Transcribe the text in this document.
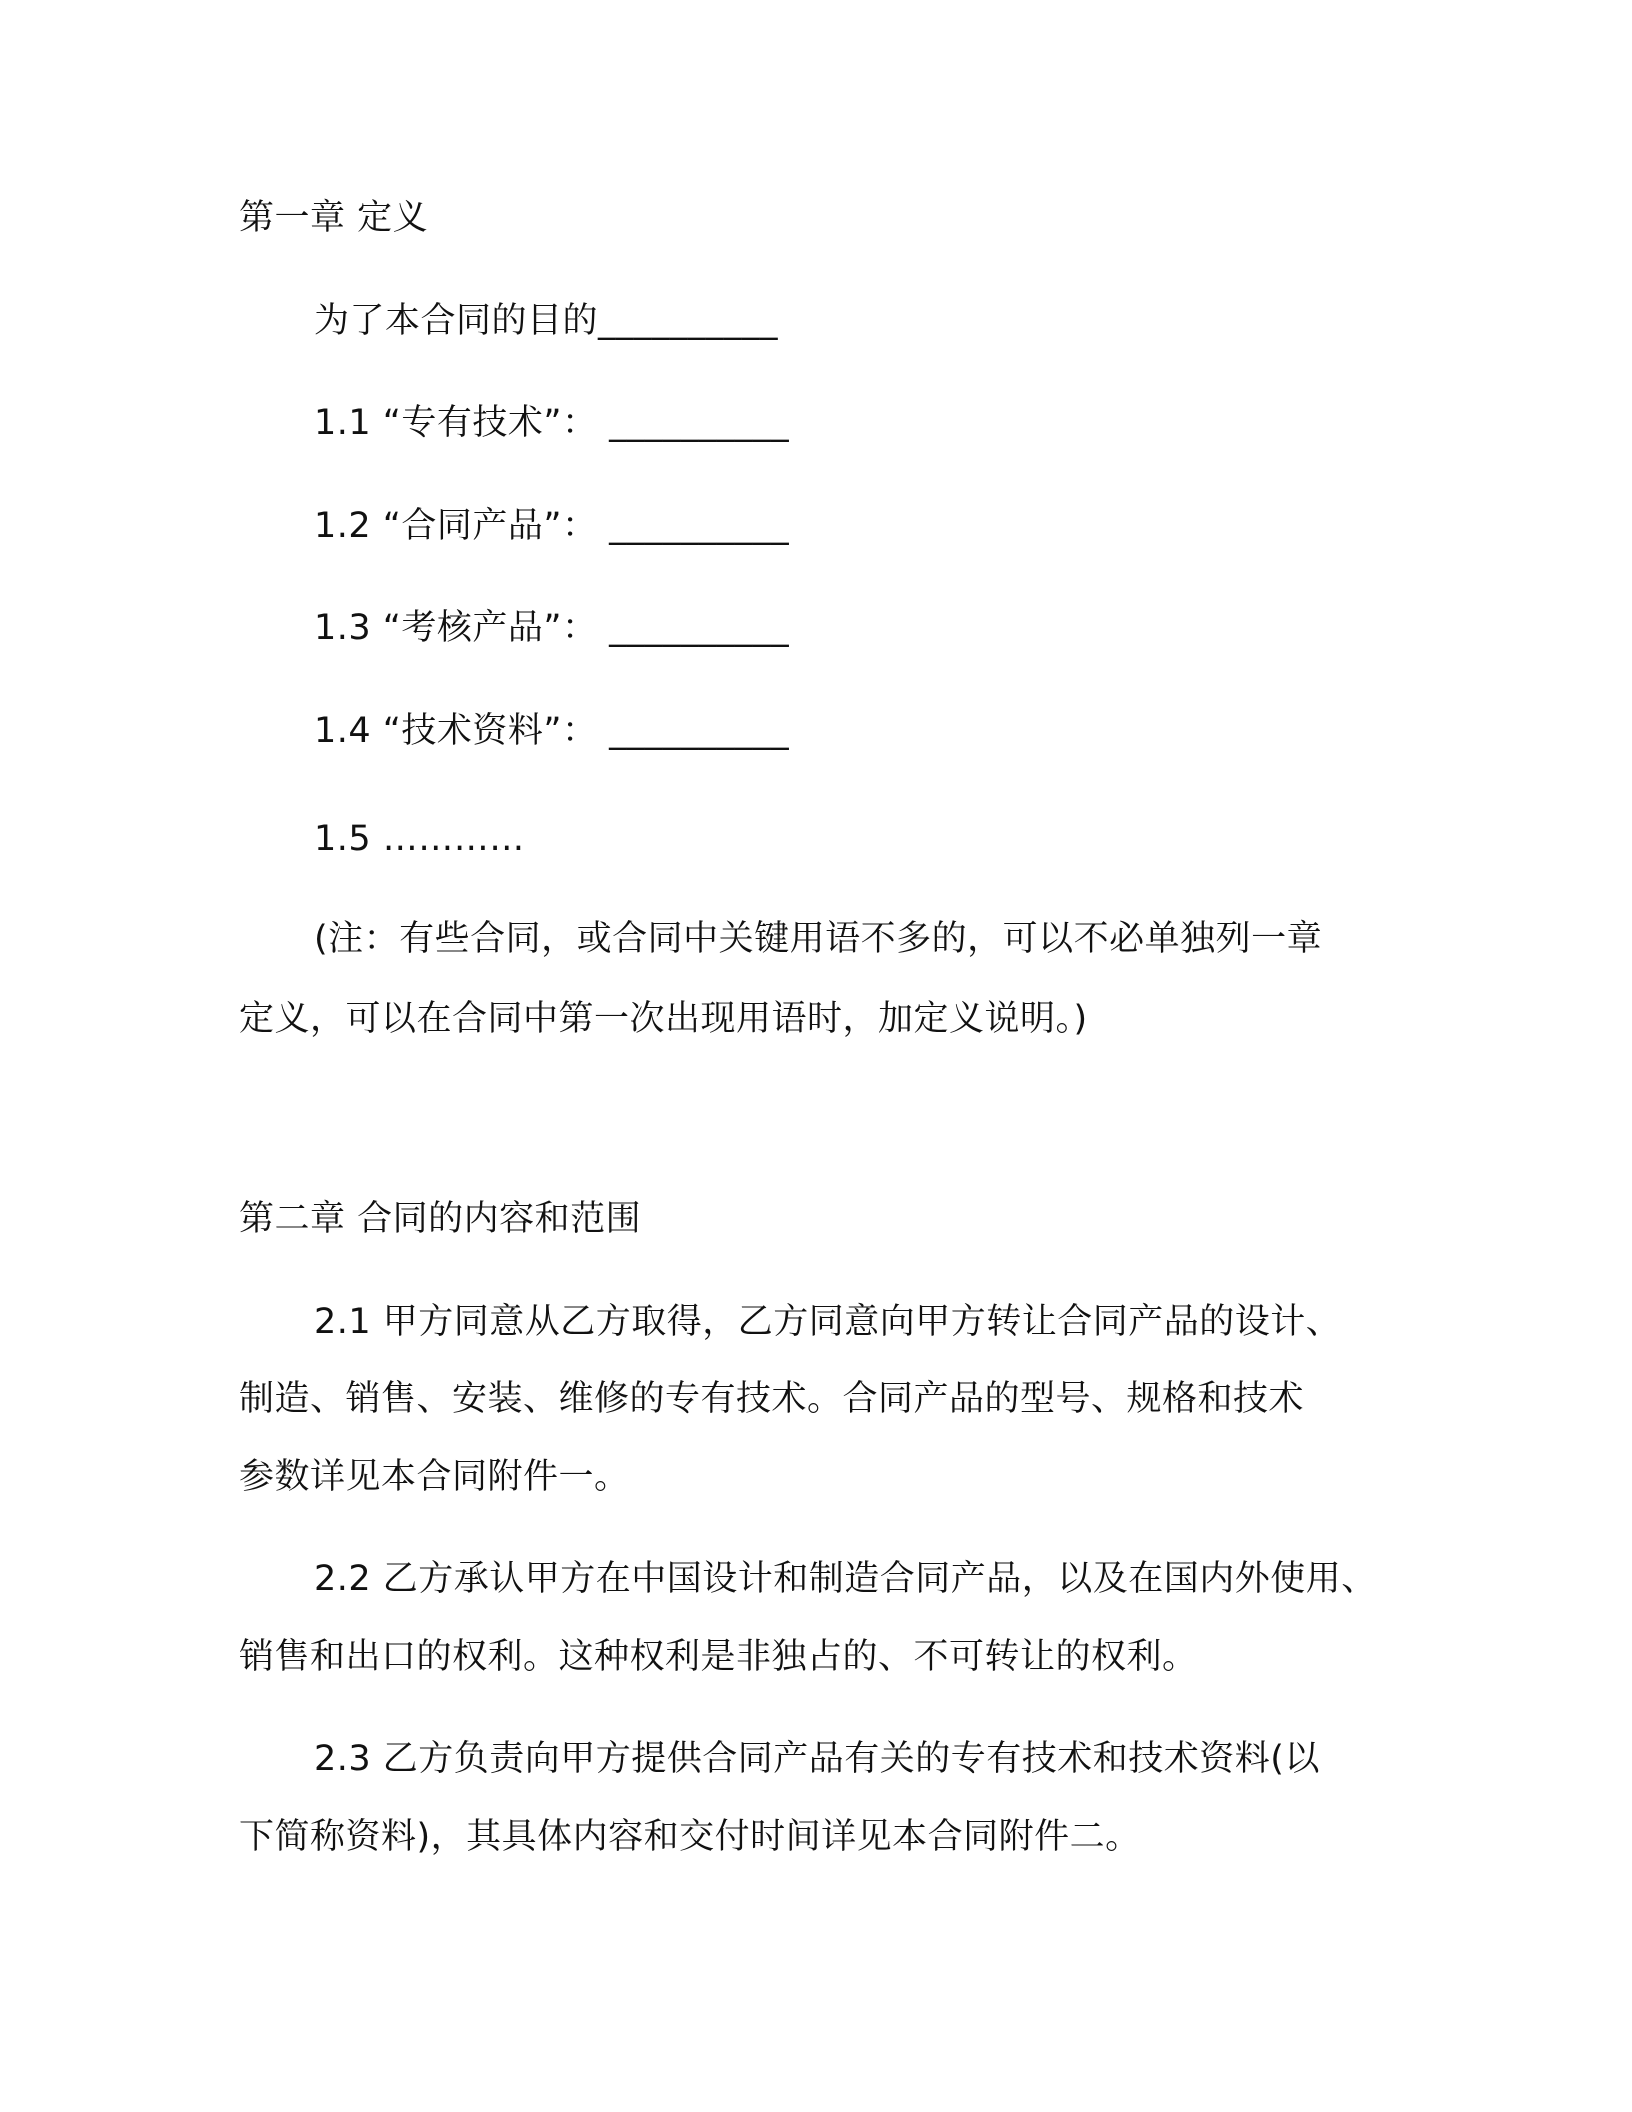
第一章 定义
为了本合同的目的__________
1.1 “专有技术”： __________
1.2 “合同产品”： __________
1.3 “考核产品”： __________
1.4 “技术资料”： __________
1.5 …………
(注：有些合同，或合同中关键用语不多的，可以不必单独列一章
定义，可以在合同中第一次出现用语时，加定义说明。)
第二章 合同的内容和范围
2.1 甲方同意从乙方取得，乙方同意向甲方转让合同产品的设计、
制造、销售、安装、维修的专有技术。合同产品的型号、规格和技术
参数详见本合同附件一。
2.2 乙方承认甲方在中国设计和制造合同产品，以及在国内外使用、
销售和出口的权利。这种权利是非独占的、不可转让的权利。
2.3 乙方负责向甲方提供合同产品有关的专有技术和技术资料(以
下简称资料)，其具体内容和交付时间详见本合同附件二。
